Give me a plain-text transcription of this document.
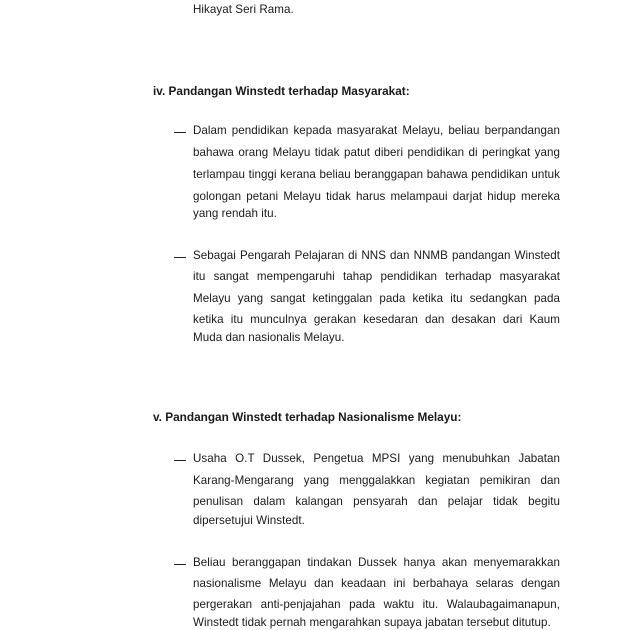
Hikayat Seri Rama.
iv. Pandangan Winstedt terhadap Masyarakat:
Dalam pendidikan kepada masyarakat Melayu, beliau berpandangan
bahawa orang Melayu tidak patut diberi pendidikan di peringkat yang
terlampau tinggi kerana beliau beranggapan bahawa pendidikan untuk
golongan petani Melayu tidak harus melampaui darjat hidup mereka
yang rendah itu.
Sebagai Pengarah Pelajaran di NNS dan NNMB pandangan Winstedt
itu sangat mempengaruhi tahap pendidikan terhadap masyarakat
Melayu yang sangat ketinggalan pada ketika itu sedangkan pada
ketika itu munculnya gerakan kesedaran dan desakan dari Kaum
Muda dan nasionalis Melayu.
v. Pandangan Winstedt terhadap Nasionalisme Melayu:
Usaha O.T Dussek, Pengetua MPSI yang menubuhkan Jabatan
Karang-Mengarang yang menggalakkan kegiatan pemikiran dan
penulisan dalam kalangan pensyarah dan pelajar tidak begitu
dipersetujui Winstedt.
Beliau beranggapan tindakan Dussek hanya akan menyemarakkan
nasionalisme Melayu dan keadaan ini berbahaya selaras dengan
pergerakan anti-penjajahan pada waktu itu. Walaubagaimanapun,
Winstedt tidak pernah mengarahkan supaya jabatan tersebut ditutup.
